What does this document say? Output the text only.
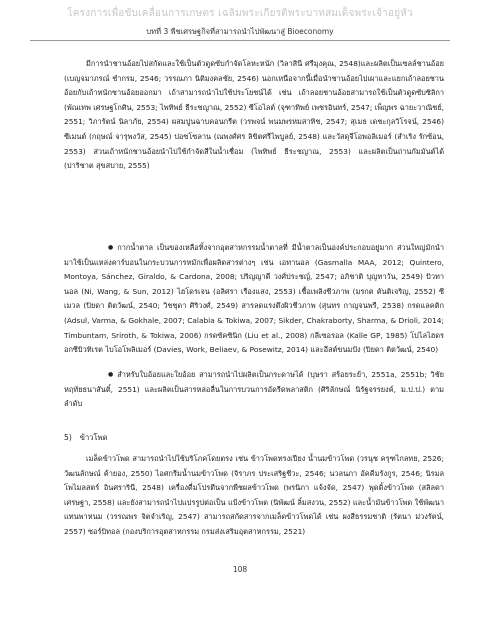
โครงการเพื่อขับเคลื่อนการเกษตร เฉลิมพระเกียรติพระบาทสมเด็จพระเจ้าอยู่หัว
บทที่ 3 พืชเศรษฐกิจที่สามารถนำไปพัฒนาสู่ Bioeconomy
มีการนำชานอ้อยไปสกัดและใช้เป็นตัวดูดซับกำจัดโลหะหนัก (วิลาสินี ศรีมุงคุณ, 2548)และผลิตเป็นเซลล์ชานอ้อย (เบญจมาภรณ์ ชำกรม, 2546; วรรณภา นิติมงคลชัย, 2546) นอกเหนือจากนี้เมื่อนำชานอ้อยไปเผาและแยกเถ้าลอยชานอ้อยกับเถ้าหนักชานอ้อยออกมา เถ้าสามารถนำไปใช้ประโยชน์ได้ เช่น เถ้าลอยชานอ้อยสามารถใช้เป็นตัวดูดซับซิลิกา (พัณเทพ เศรษฐโกศิน, 2553; ไพทิพย์ ธีระชญาณ, 2552) ซีโอไลต์ (จุฑาทิพย์ เพชรอินทร์, 2547; เพ็ญพร ฉายะวาณิชย์, 2551; วิภารัตน์ นิลาภัย, 2554) ผสมปูนฉาบคอนกรีต (วรพจน์ พนมพรหมสาทิช, 2547; สุเมธ เดชะกุลวิโรจน์, 2546) ซีเมนต์ (กฤษณ์ จารุพงวัส, 2545) ปอซโซลาน (ณพงศ์ศร ลิขิตศรีไพบูลย์, 2548) และวัสดุจีโอพอลิเมอร์ (สำเริง รักซ้อน, 2553) ส่วนเถ้าหนักชานอ้อยนำไปใช้กำจัดสีในน้ำเชื่อม (ไพทิพย์ ธีระชญาณ, 2553) และผลิตเป็นถ่านกัมมันต์ได้ (ปาริชาต สุขสบาย, 2555)
● กากน้ำตาล เป็นของเหลือทิ้งจากอุตสาหกรรมน้ำตาลที่ มีน้ำตาลเป็นองค์ประกอบอยู่มาก ส่วนใหญ่มักนำมาใช้เป็นแหล่งคาร์บอนในกระบวนการหมักเพื่อผลิตสารต่างๆ เช่น เอทานอล (Gasmalla MAA, 2012; Quintero, Montoya, Sánchez, Giraldo, & Cardona, 2008; ปริญญาดี วงศ์ประชญ์, 2547; อภิชาติ บุญทาวัน, 2549) บิวทานอล (Ni, Wang, & Sun, 2012) ไฮโดรเจน (อลิศรา เรืองแสง, 2553) เชื้อเพลิงชีวภาพ (มรกต ตันติเจริญ, 2552) ซีเมวล (ปิยดา ติตวัฒน์, 2540; วิชชุดา ศิริวงศ์, 2549) สารลดแรงตึงผิวชีวภาพ (สุนทร กาญจนพรี, 2538) กรดแลคติก (Adsul, Varma, & Gokhale, 2007; Calabia & Tokiwa, 2007; Sikder, Chakraborty, Sharma, & Drioli, 2014; Timbuntam, Sriroth, & Tokiwa, 2006) กรดซัคซินิก (Liu et al., 2008) กลีเซอรอล (Kalle GP, 1985) โปไลไฮดรอกซีบิวทิเรต ไบโอโพลิเมอร์ (Davies, Work, Beliaev, & Posewitz, 2014) และอีสต์ขนมปัง (ปิยดา ติตวัฒน์, 2540)
● สำหรับใบอ้อยและใยอ้อย สามารถนำไปผลิตเป็นกระดาษได้ (บุษรา สร้อยระย้า, 2551a, 2551b; วิชัย หฤทัยธนาสันติ์, 2551) และผลิตเป็นสารหล่อลื่นในการบวนการอัดรีดพลาสติก (ศิริลักษณ์ นิรัฐจรรยงค์, ม.ป.ป.) ตามลำดับ
5) ข้าวโพด
เมล็ดข้าวโพด สามารถนำไปใช้บริโภคโดยตรง เช่น ข้าวโพดทรงเปียง น้ำนมข้าวโพด (วรนุช ครุฑไกลทย, 2526; วัฒนลักษณ์ ค้ายอง, 2550) ไอศกรีมน้ำนมข้าวโพด (จิราภร ประเสริฐชีวะ, 2546; นวลนภา อัคคีมรังกูร, 2546; นิรมลโพไมลสตร์ อินศรารินี, 2548) เครื่องดื่มโปรตีนจากพืชผลข้าวโพด (พรนิภา แจ้งจัด, 2547) พุดดิ้งข้าวโพด (สลิลดา เศรษฐา, 2558) และยังสามารถนำไปแปรรูปต่อเป็น แป้งข้าวโพด (นิพัฒน์ ลิ้มสงวน, 2552) และน้ำมันข้าวโพด ใช้พัฒนาแทนพาหนม (วรรณพร จิตจำเริญ, 2547) สามารถสกัดสารจากเมล็ดข้าวโพดได้ เช่น ผงสีธรรมชาติ (รัตนา ม่วงรัตน์, 2557) ซอร์บิทอล (กองบริการอุตสาหกรรม กรมส่งเสริมอุตสาหกรรม, 2521)
108
